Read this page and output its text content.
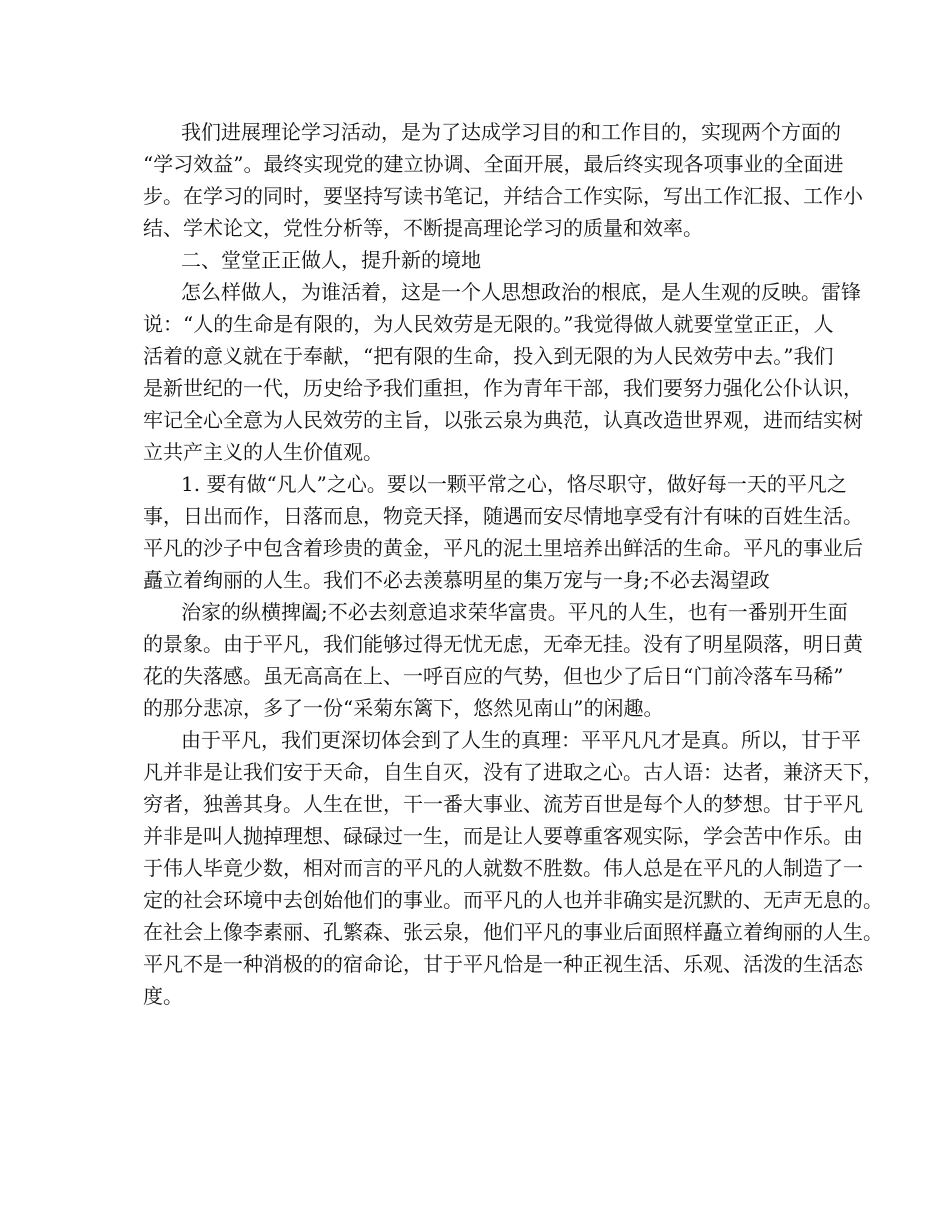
我们进展理论学习活动，是为了达成学习目的和工作目的，实现两个方面的
“学习效益”。最终实现党的建立协调、全面开展，最后终实现各项事业的全面进
步。在学习的同时，要坚持写读书笔记，并结合工作实际，写出工作汇报、工作小
结、学术论文，党性分析等，不断提高理论学习的质量和效率。

二、堂堂正正做人，提升新的境地

怎么样做人，为谁活着，这是一个人思想政治的根底，是人生观的反映。雷锋
说：“人的生命是有限的，为人民效劳是无限的。”我觉得做人就要堂堂正正，人
活着的意义就在于奉献，“把有限的生命，投入到无限的为人民效劳中去。”我们
是新世纪的一代，历史给予我们重担，作为青年干部，我们要努力强化公仆认识，
牢记全心全意为人民效劳的主旨，以张云泉为典范，认真改造世界观，进而结实树
立共产主义的人生价值观。

1. 要有做“凡人”之心。要以一颗平常之心，恪尽职守，做好每一天的平凡之
事，日出而作，日落而息，物竞天择，随遇而安尽情地享受有汁有味的百姓生活。
平凡的沙子中包含着珍贵的黄金，平凡的泥土里培养出鲜活的生命。平凡的事业后
矗立着绚丽的人生。我们不必去羡慕明星的集万宠与一身;不必去渴望政

治家的纵横捭阖;不必去刻意追求荣华富贵。平凡的人生，也有一番别开生面
的景象。由于平凡，我们能够过得无忧无虑，无牵无挂。没有了明星陨落，明日黄
花的失落感。虽无高高在上、一呼百应的气势，但也少了后日“门前冷落车马稀”
的那分悲凉，多了一份“采菊东篱下，悠然见南山”的闲趣。

由于平凡，我们更深切体会到了人生的真理：平平凡凡才是真。所以，甘于平
凡并非是让我们安于天命，自生自灭，没有了进取之心。古人语：达者，兼济天下，
穷者，独善其身。人生在世，干一番大事业、流芳百世是每个人的梦想。甘于平凡
并非是叫人抛掉理想、碌碌过一生，而是让人要尊重客观实际，学会苦中作乐。由
于伟人毕竟少数，相对而言的平凡的人就数不胜数。伟人总是在平凡的人制造了一
定的社会环境中去创始他们的事业。而平凡的人也并非确实是沉默的、无声无息的。
在社会上像李素丽、孔繁森、张云泉，他们平凡的事业后面照样矗立着绚丽的人生。
平凡不是一种消极的的宿命论，甘于平凡恰是一种正视生活、乐观、活泼的生活态
度。
